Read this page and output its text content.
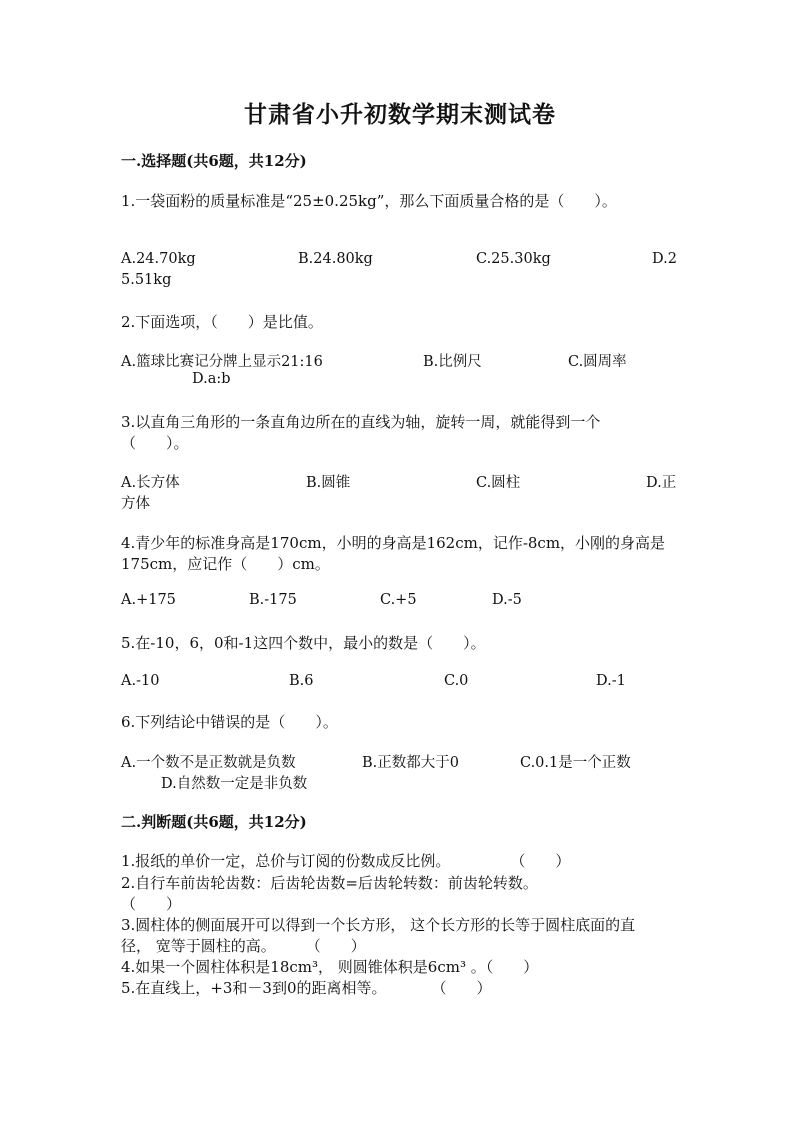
甘肃省小升初数学期末测试卷
一.选择题(共6题，共12分)
1.一袋面粉的质量标准是“25±0.25kg”，那么下面质量合格的是（　　）。
A.24.70kg	B.24.80kg	C.25.30kg	D.2
5.51kg
2.下面选项，（　　）是比值。
A.篮球比赛记分牌上显示21:16	B.比例尺	C.圆周率
D.a:b
3.以直角三角形的一条直角边所在的直线为轴，旋转一周，就能得到一个
（　　）。
A.长方体	B.圆锥	C.圆柱	D.正
方体
4.青少年的标准身高是170cm，小明的身高是162cm，记作-8cm，小刚的身高是
175cm，应记作（　　）cm。
A.+175	B.-175	C.+5	D.-5
5.在-10，6，0和-1这四个数中，最小的数是（　　）。
A.-10	B.6	C.0	D.-1
6.下列结论中错误的是（　　）。
A.一个数不是正数就是负数	B.正数都大于0	C.0.1是一个正数
D.自然数一定是非负数
二.判断题(共6题，共12分)
1.报纸的单价一定，总价与订阅的份数成反比例。　　　　　（　　）
2.自行车前齿轮齿数：后齿轮齿数=后齿轮转数：前齿轮转数。
（　　）
3.圆柱体的侧面展开可以得到一个长方形， 这个长方形的长等于圆柱底面的直
径， 宽等于圆柱的高。　　　（　　）
4.如果一个圆柱体积是18cm³， 则圆锥体积是6cm³ 。（　　）
5.在直线上，+3和－3到0的距离相等。　　　　（　　）
